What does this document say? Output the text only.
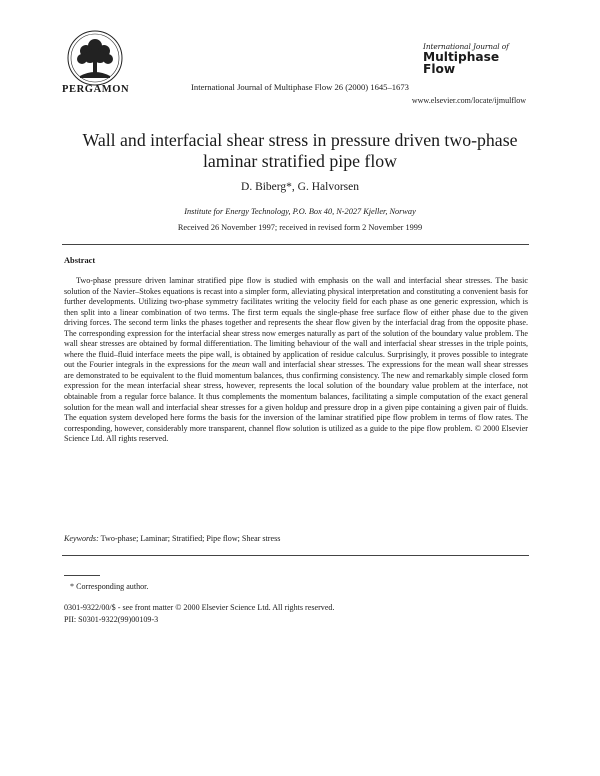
PERGAMON	International Journal of Multiphase Flow 26 (2000) 1645–1673
International Journal of
Multiphase
Flow
www.elsevier.com/locate/ijmulflow
Wall and interfacial shear stress in pressure driven two-phase laminar stratified pipe flow
D. Biberg*, G. Halvorsen
Institute for Energy Technology, P.O. Box 40, N-2027 Kjeller, Norway
Received 26 November 1997; received in revised form 2 November 1999
Abstract

Two-phase pressure driven laminar stratified pipe flow is studied with emphasis on the wall and interfacial shear stresses. The basic solution of the Navier–Stokes equations is recast into a simpler form, alleviating physical interpretation and constituting a convenient basis for further developments. Utilizing two-phase symmetry facilitates writing the velocity field for each phase as one generic expression, which is then split into a linear combination of two terms. The first term equals the single-phase free surface flow of either phase due to the given driving forces. The second term links the phases together and represents the shear flow given by the interfacial drag from the opposite phase. The corresponding expression for the interfacial shear stress now emerges naturally as part of the solution of the boundary value problem. The wall shear stresses are obtained by formal differentiation. The limiting behaviour of the wall and interfacial shear stresses in the triple points, where the fluid–fluid interface meets the pipe wall, is obtained by application of residue calculus. Surprisingly, it proves possible to integrate out the Fourier integrals in the expressions for the mean wall and interfacial shear stresses. The expressions for the mean wall shear stresses are demonstrated to be equivalent to the fluid momentum balances, thus confirming consistency. The new and remarkably simple closed form expression for the mean interfacial shear stress, however, represents the local solution of the boundary value problem at the interface, not obtainable from a regular force balance. It thus complements the momentum balances, facilitating a simple computation of the exact general solution for the mean wall and interfacial shear stresses for a given holdup and pressure drop in a given pipe containing a given pair of fluids. The equation system developed here forms the basis for the inversion of the laminar stratified pipe flow problem in terms of flow rates. The corresponding, however, considerably more transparent, channel flow solution is utilized as a guide to the pipe flow problem. © 2000 Elsevier Science Ltd. All rights reserved.

Keywords: Two-phase; Laminar; Stratified; Pipe flow; Shear stress
* Corresponding author.
0301-9322/00/$ - see front matter © 2000 Elsevier Science Ltd. All rights reserved.
PII: S0301-9322(99)00109-3
